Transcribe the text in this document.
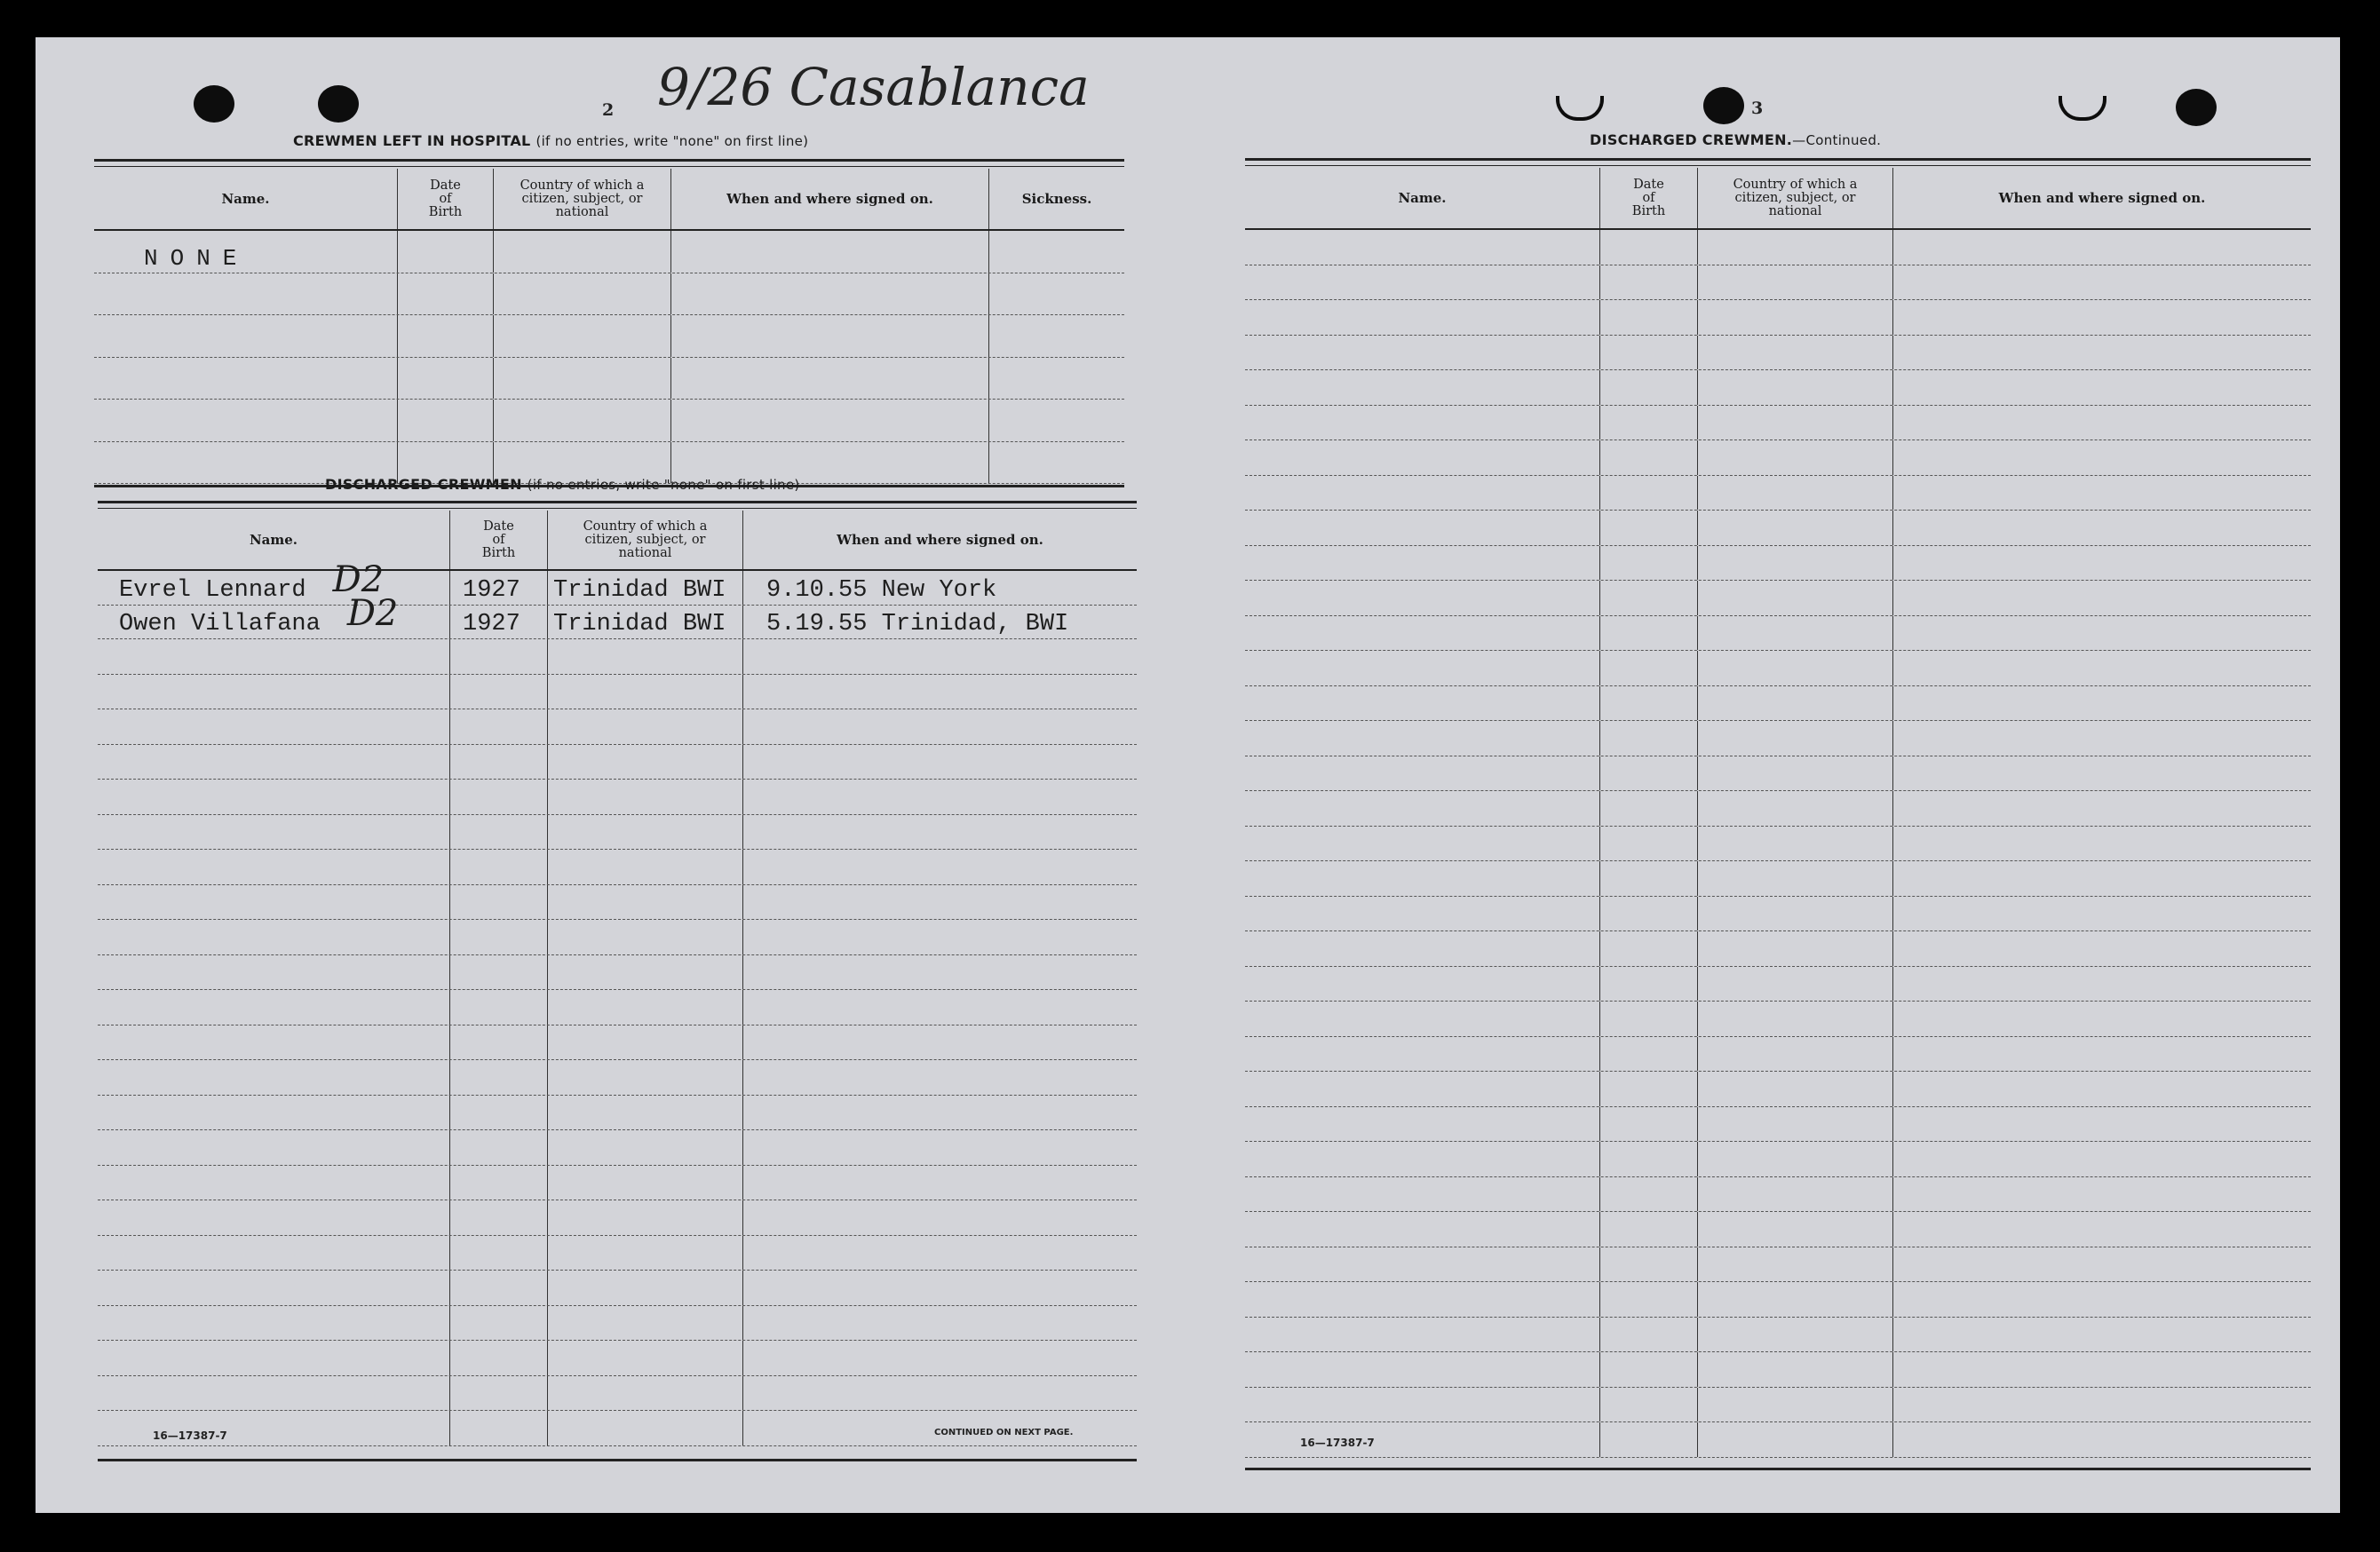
2 9/26 Casablanca
CREWMEN LEFT IN HOSPITAL (if no entries, write "none" on first line)
Name.
Date of Birth
Country of which a citizen, subject, or national
When and where signed on.	Sickness.
NONE
DISCHARGED CREWMEN (if no entries, write "none" on first line)
Name.
Date of Birth
Country of which a citizen, subject, or national
When and where signed on.
Evrel Lennard D2	1927 Trinidad BWI	9.10.55 New York
Owen Villafana D2	1927 Trinidad BWI	5.19.55 Trinidad, BWI
16—17387-7	CONTINUED ON NEXT PAGE.
3
DISCHARGED CREWMEN.—Continued.
Name.
Date of Birth
Country of which a citizen, subject, or national
When and where signed on.
16—17387-7
